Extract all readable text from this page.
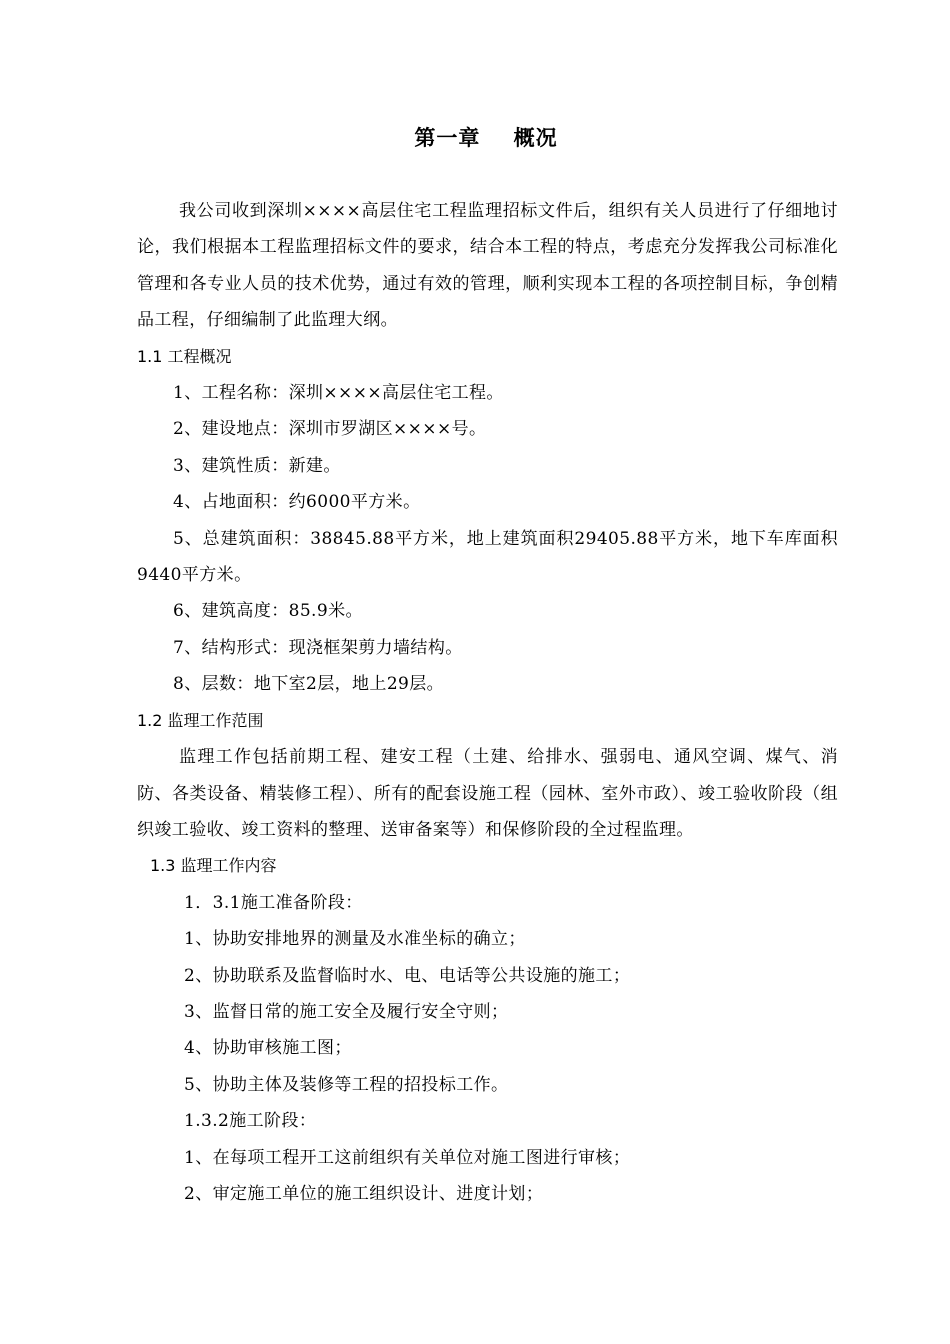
第一章    概况

我公司收到深圳××××高层住宅工程监理招标文件后，组织有关人员进行了仔细地讨论，我们根据本工程监理招标文件的要求，结合本工程的特点，考虑充分发挥我公司标准化管理和各专业人员的技术优势，通过有效的管理，顺利实现本工程的各项控制目标，争创精品工程，仔细编制了此监理大纲。

1.1 工程概况

1、工程名称：深圳××××高层住宅工程。

2、建设地点：深圳市罗湖区××××号。

3、建筑性质：新建。

4、占地面积：约6000平方米。

5、总建筑面积：38845.88平方米，地上建筑面积29405.88平方米，地下车库面积9440平方米。

6、建筑高度：85.9米。

7、结构形式：现浇框架剪力墙结构。

8、层数：地下室2层，地上29层。

1.2 监理工作范围

监理工作包括前期工程、建安工程（土建、给排水、强弱电、通风空调、煤气、消防、各类设备、精装修工程）、所有的配套设施工程（园林、室外市政）、竣工验收阶段（组织竣工验收、竣工资料的整理、送审备案等）和保修阶段的全过程监理。

1.3 监理工作内容

1．3.1施工准备阶段：

1、协助安排地界的测量及水准坐标的确立；

2、协助联系及监督临时水、电、电话等公共设施的施工；

3、监督日常的施工安全及履行安全守则；

4、协助审核施工图；

5、协助主体及装修等工程的招投标工作。

1.3.2施工阶段：

1、在每项工程开工这前组织有关单位对施工图进行审核；

2、审定施工单位的施工组织设计、进度计划；
